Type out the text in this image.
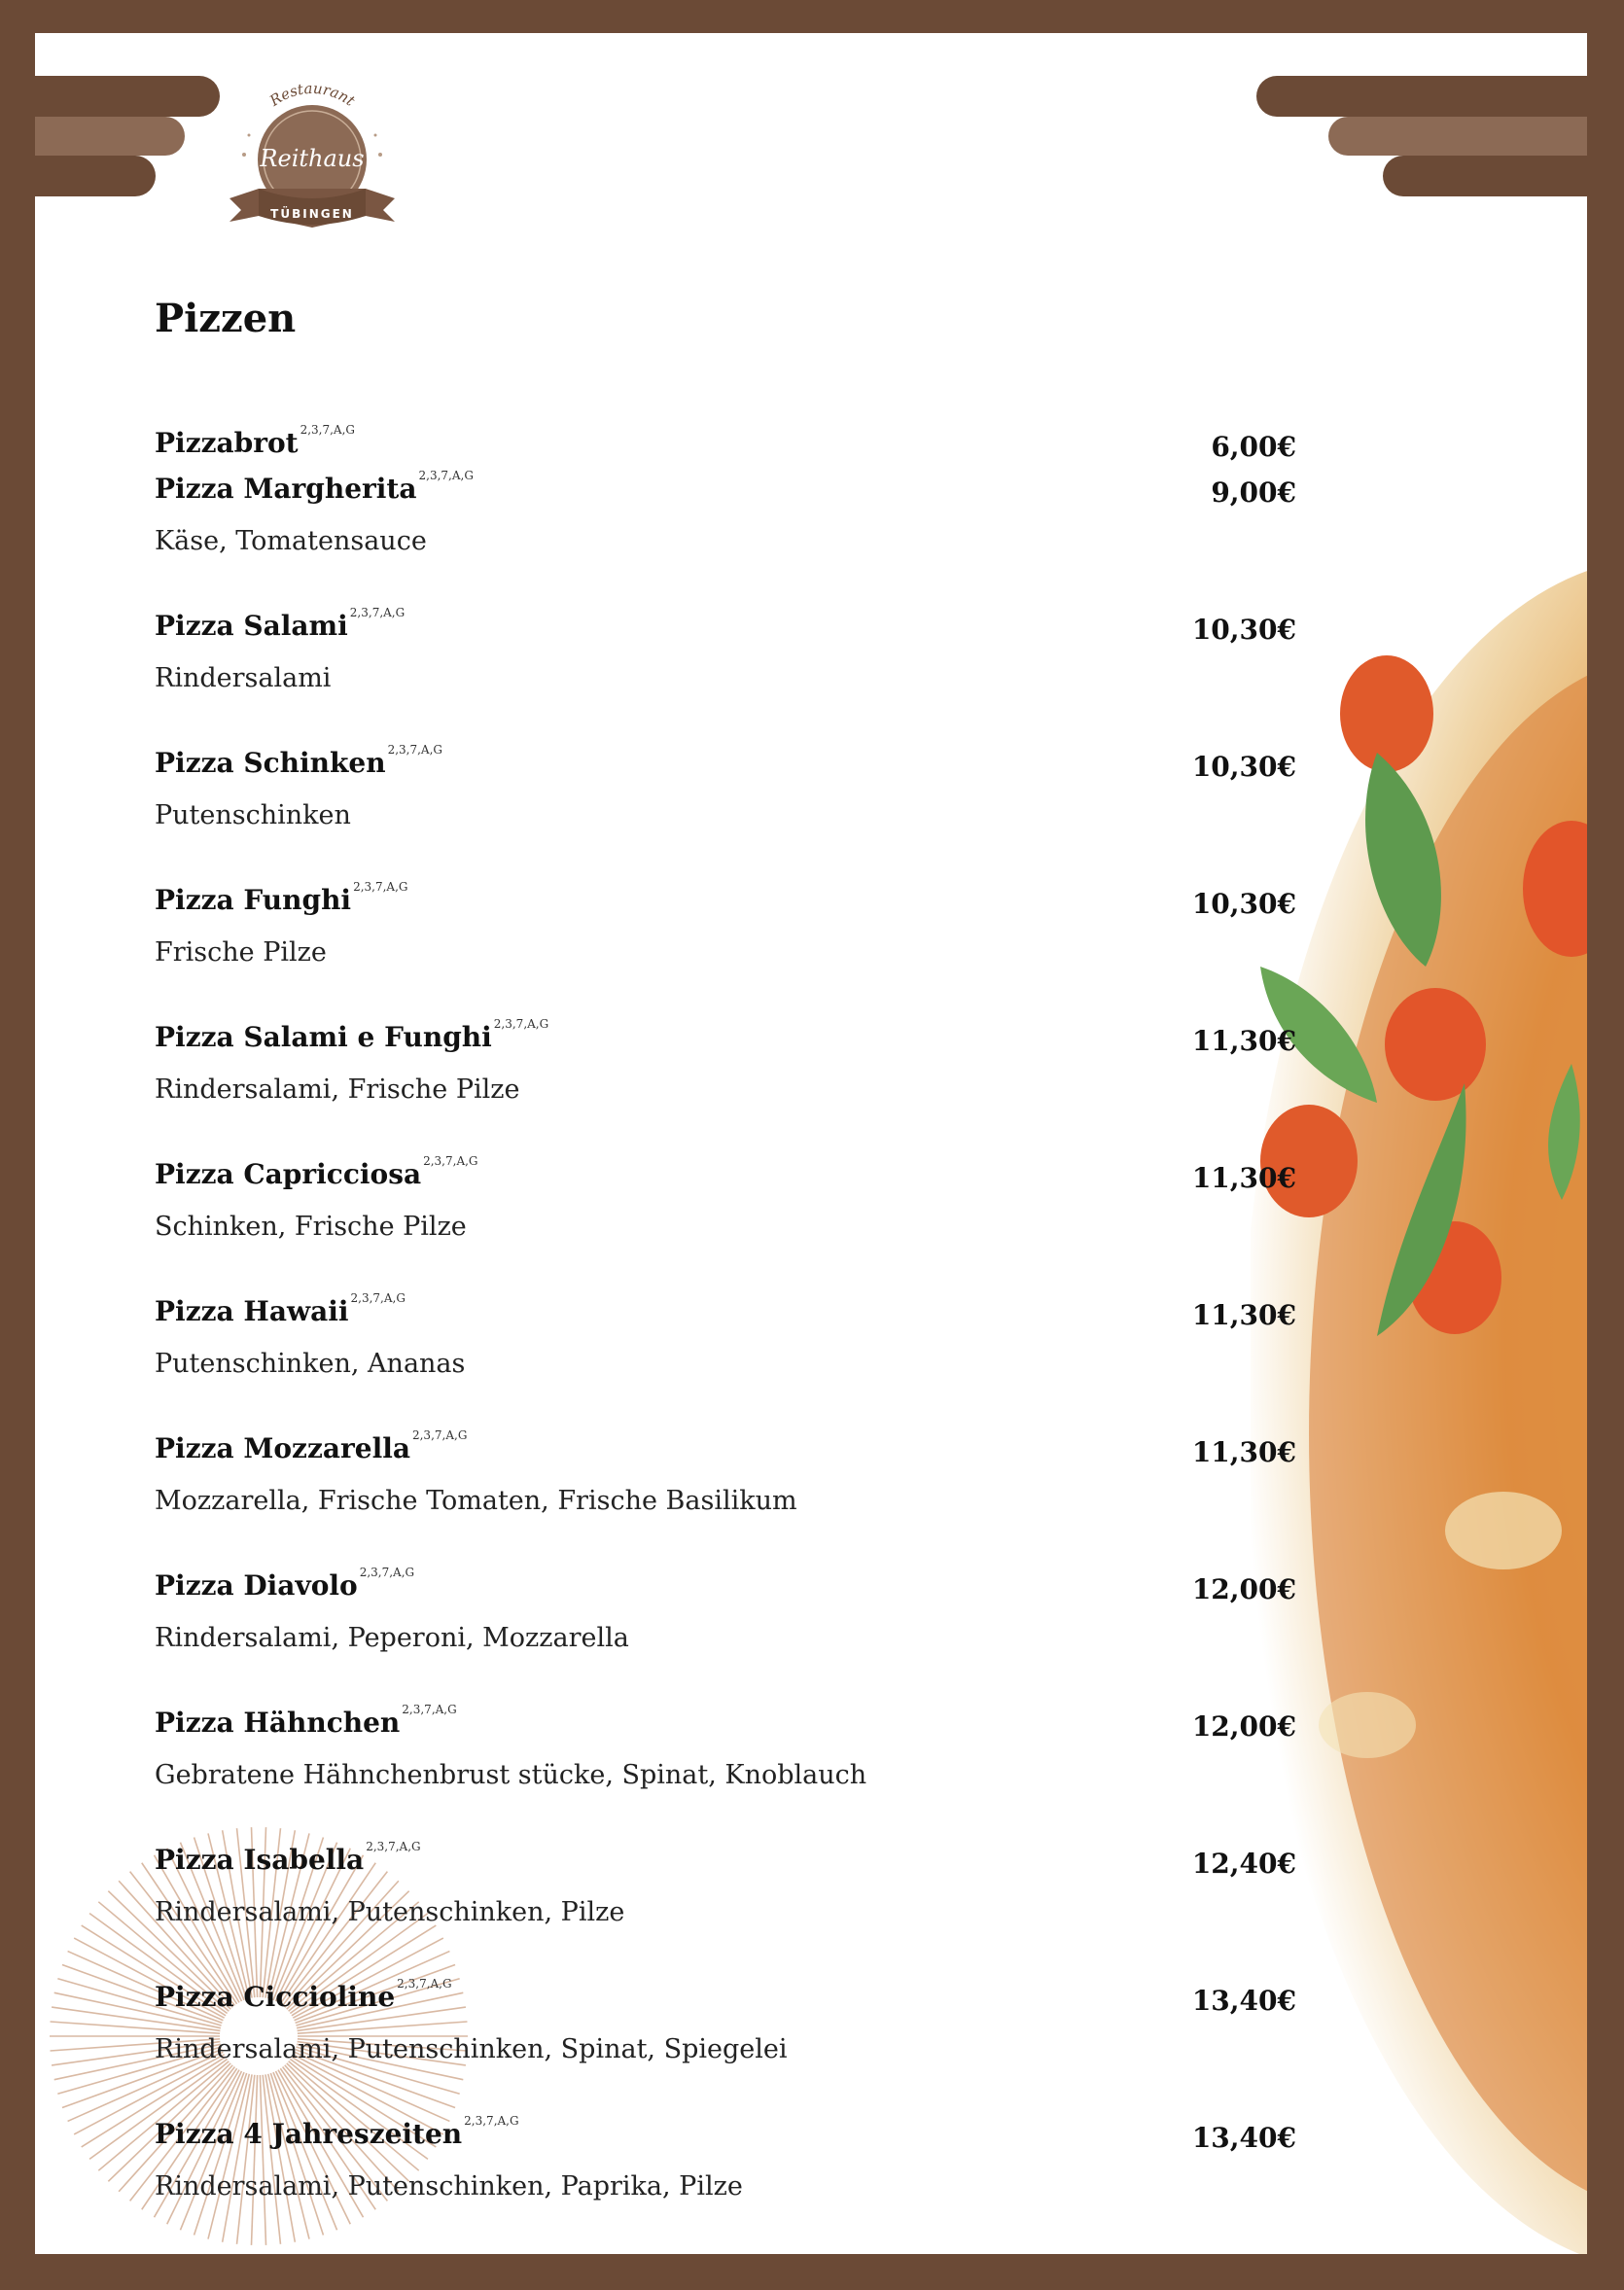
Restaurant
Reithaus
TÜBINGEN
Pizzen
Pizzabrot $^{2,3,7,A,G}$
6,00€
Pizza Margherita $^{2,3,7,A,G}$
9,00€
Käse, Tomatensauce
Pizza Salami $^{2,3,7,A,G}$
10,30€
Rindersalami
Pizza Schinken $^{2,3,7,A,G}$
10,30€
Putenschinken
Pizza Funghi $^{2,3,7,A,G}$
10,30€
Frische Pilze
Pizza Salami e Funghi $^{2,3,7,A,G}$
11,30€
Rindersalami, Frische Pilze
Pizza Capricciosa $^{2,3,7,A,G}$
11,30€
Schinken, Frische Pilze
Pizza Hawaii $^{2,3,7,A,G}$
11,30€
Putenschinken, Ananas
Pizza Mozzarella $^{2,3,7,A,G}$
11,30€
Mozzarella, Frische Tomaten, Frische Basilikum
Pizza Diavolo $^{2,3,7,A,G}$
12,00€
Rindersalami, Peperoni, Mozzarella
Pizza Hähnchen $^{2,3,7,A,G}$
12,00€
Gebratene Hähnchenbrust stücke, Spinat, Knoblauch
Pizza Isabella $^{2,3,7,A,G}$
12,40€
Rindersalami, Putenschinken, Pilze
Pizza Ciccioline $^{2,3,7,A,G}$
13,40€
Rindersalami, Putenschinken, Spinat, Spiegelei
Pizza 4 Jahreszeiten $^{2,3,7,A,G}$
13,40€
Rindersalami, Putenschinken, Paprika, Pilze
